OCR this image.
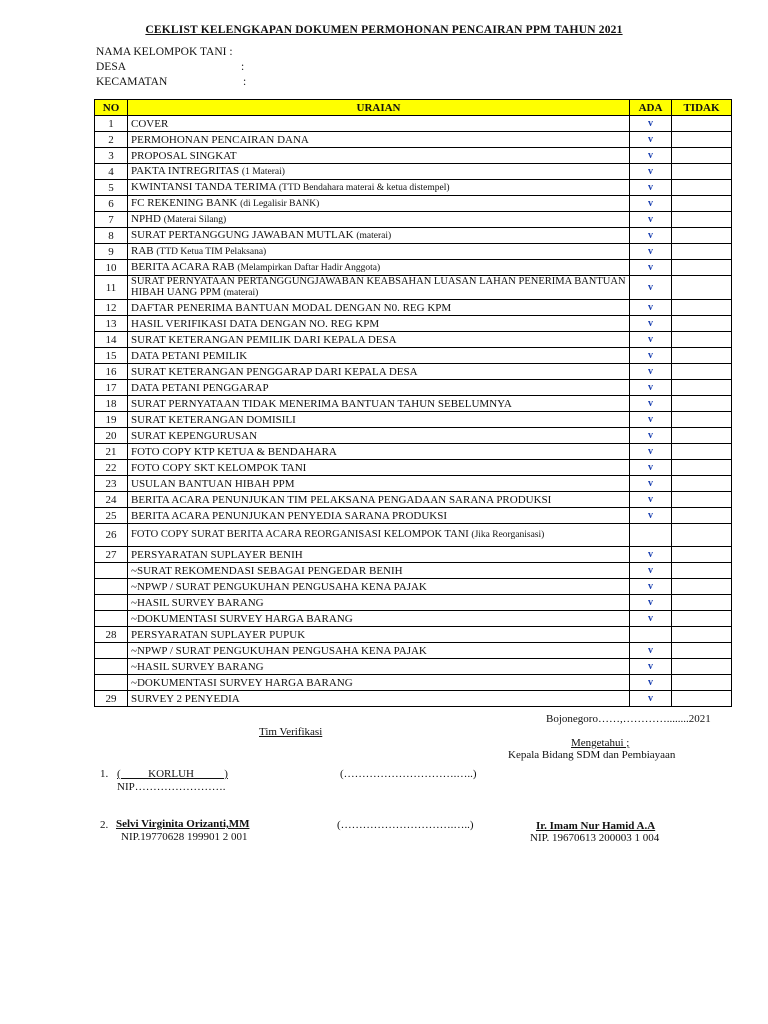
CEKLIST KELENGKAPAN DOKUMEN PERMOHONAN PENCAIRAN PPM TAHUN 2021
NAMA KELOMPOK TANI :
DESA	:
KECAMATAN	:
NO	URAIAN	ADA	TIDAK
1	COVER	v	
2	PERMOHONAN PENCAIRAN DANA	v	
3	PROPOSAL SINGKAT	v	
4	PAKTA INTREGRITAS (1 Materai)	v	
5	KWINTANSI TANDA TERIMA (TTD Bendahara materai & ketua distempel)	v	
6	FC REKENING BANK (di Legalisir BANK)	v	
7	NPHD (Materai Silang)	v	
8	SURAT PERTANGGUNG JAWABAN MUTLAK (materai)	v	
9	RAB (TTD Ketua TIM Pelaksana)	v	
10	BERITA ACARA RAB (Melampirkan Daftar Hadir Anggota)	v	
11	SURAT PERNYATAAN PERTANGGUNGJAWABAN KEABSAHAN LUASAN LAHAN PENERIMA BANTUAN HIBAH UANG PPM (materai)	v	
12	DAFTAR PENERIMA BANTUAN MODAL DENGAN N0. REG KPM	v	
13	HASIL VERIFIKASI DATA DENGAN NO. REG KPM	v	
14	SURAT KETERANGAN PEMILIK DARI KEPALA DESA	v	
15	DATA PETANI PEMILIK	v	
16	SURAT KETERANGAN PENGGARAP DARI KEPALA DESA	v	
17	DATA PETANI PENGGARAP	v	
18	SURAT PERNYATAAN TIDAK MENERIMA BANTUAN TAHUN SEBELUMNYA	v	
19	SURAT KETERANGAN DOMISILI	v	
20	SURAT KEPENGURUSAN	v	
21	FOTO COPY KTP KETUA & BENDAHARA	v	
22	FOTO COPY SKT KELOMPOK TANI	v	
23	USULAN BANTUAN HIBAH PPM	v	
24	BERITA ACARA PENUNJUKAN TIM PELAKSANA PENGADAAN SARANA PRODUKSI	v	
25	BERITA ACARA PENUNJUKAN PENYEDIA SARANA PRODUKSI	v	
26	FOTO COPY SURAT BERITA ACARA REORGANISASI KELOMPOK TANI (Jika Reorganisasi)		
27	PERSYARATAN SUPLAYER BENIH	v	
	~SURAT REKOMENDASI SEBAGAI PENGEDAR BENIH	v	
	~NPWP / SURAT PENGUKUHAN PENGUSAHA KENA PAJAK	v	
	~HASIL SURVEY BARANG	v	
	~DOKUMENTASI SURVEY HARGA BARANG	v	
28	PERSYARATAN SUPLAYER PUPUK		
	~NPWP / SURAT PENGUKUHAN PENGUSAHA KENA PAJAK	v	
	~HASIL SURVEY BARANG	v	
	~DOKUMENTASI SURVEY HARGA BARANG	v	
29	SURVEY 2 PENYEDIA	v	
Bojonegoro……,…………........2021
Tim Verifikasi
Mengetahui ;
Kepala Bidang SDM dan Pembiayaan
1. (          KORLUH           )	(………………………….…..)
NIP…………………….
2. Selvi Virginita Orizanti,MM	(………………………….…..)
NIP.19770628 199901 2 001
Ir. Imam Nur Hamid A.A
NIP. 19670613 200003 1 004
